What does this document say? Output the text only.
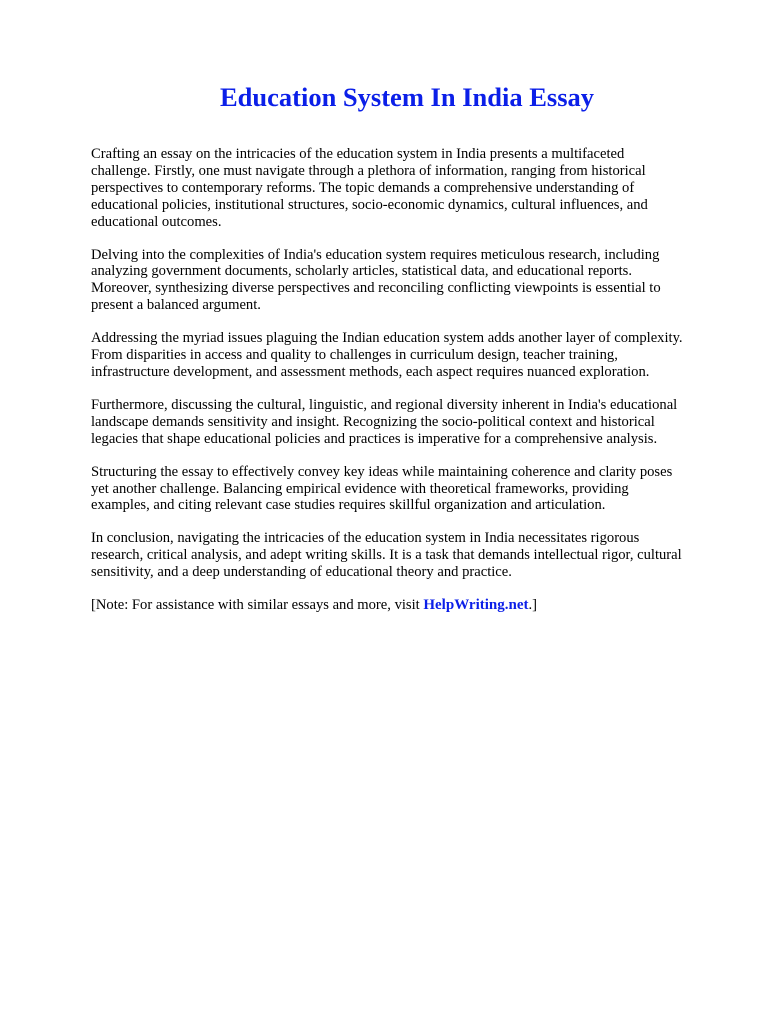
Education System In India Essay

Crafting an essay on the intricacies of the education system in India presents a multifaceted
challenge. Firstly, one must navigate through a plethora of information, ranging from historical
perspectives to contemporary reforms. The topic demands a comprehensive understanding of
educational policies, institutional structures, socio-economic dynamics, cultural influences, and
educational outcomes.

Delving into the complexities of India's education system requires meticulous research, including
analyzing government documents, scholarly articles, statistical data, and educational reports.
Moreover, synthesizing diverse perspectives and reconciling conflicting viewpoints is essential to
present a balanced argument.

Addressing the myriad issues plaguing the Indian education system adds another layer of complexity.
From disparities in access and quality to challenges in curriculum design, teacher training,
infrastructure development, and assessment methods, each aspect requires nuanced exploration.

Furthermore, discussing the cultural, linguistic, and regional diversity inherent in India's educational
landscape demands sensitivity and insight. Recognizing the socio-political context and historical
legacies that shape educational policies and practices is imperative for a comprehensive analysis.

Structuring the essay to effectively convey key ideas while maintaining coherence and clarity poses
yet another challenge. Balancing empirical evidence with theoretical frameworks, providing
examples, and citing relevant case studies requires skillful organization and articulation.

In conclusion, navigating the intricacies of the education system in India necessitates rigorous
research, critical analysis, and adept writing skills. It is a task that demands intellectual rigor, cultural
sensitivity, and a deep understanding of educational theory and practice.

[Note: For assistance with similar essays and more, visit HelpWriting.net.]
